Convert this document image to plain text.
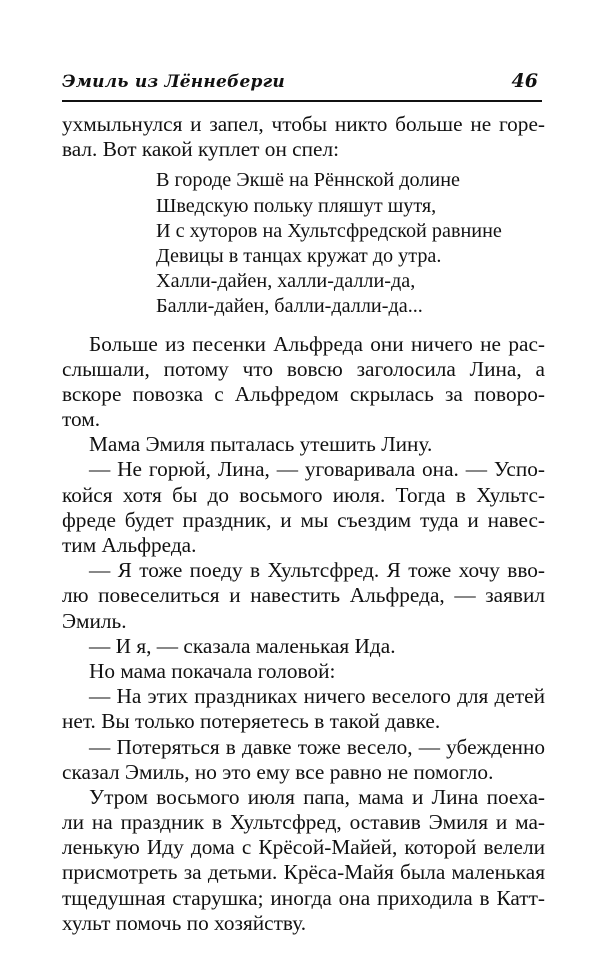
Эмиль из Лённеберги	46
ухмыльнулся и запел, чтобы никто больше не горе-
вал. Вот какой куплет он спел:
В городе Экшё на Рённской долине
Шведскую польку пляшут шутя,
И с хуторов на Хультсфредской равнине
Девицы в танцах кружат до утра.
Халли-дайен, халли-далли-да,
Балли-дайен, балли-далли-да...
Больше из песенки Альфреда они ничего не рас-
слышали, потому что вовсю заголосила Лина, а
вскоре повозка с Альфредом скрылась за поворо-
том.
Мама Эмиля пыталась утешить Лину.
— Не горюй, Лина, — уговаривала она. — Успо-
койся хотя бы до восьмого июля. Тогда в Хультс-
фреде будет праздник, и мы съездим туда и навес-
тим Альфреда.
— Я тоже поеду в Хультсфред. Я тоже хочу вво-
лю повеселиться и навестить Альфреда, — заявил
Эмиль.
— И я, — сказала маленькая Ида.
Но мама покачала головой:
— На этих праздниках ничего веселого для детей
нет. Вы только потеряетесь в такой давке.
— Потеряться в давке тоже весело, — убежденно
сказал Эмиль, но это ему все равно не помогло.
Утром восьмого июля папа, мама и Лина поеха-
ли на праздник в Хультсфред, оставив Эмиля и ма-
ленькую Иду дома с Крёсой-Майей, которой велели
присмотреть за детьми. Крёса-Майя была маленькая
тщедушная старушка; иногда она приходила в Катт-
хульт помочь по хозяйству.
